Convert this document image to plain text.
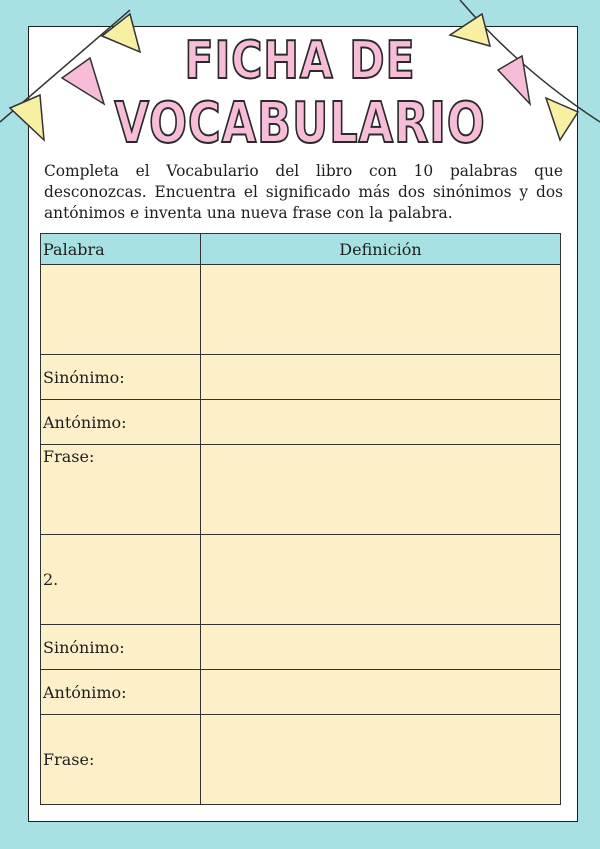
FICHA DE
VOCABULARIO
Completa el Vocabulario del libro con 10 palabras que desconozcas. Encuentra el significado más dos sinónimos y dos antónimos e inventa una nueva frase con la palabra.
Palabra	Definición

Sinónimo:	
Antónimo:	
Frase:	
2.	
Sinónimo:	
Antónimo:	
Frase:	
